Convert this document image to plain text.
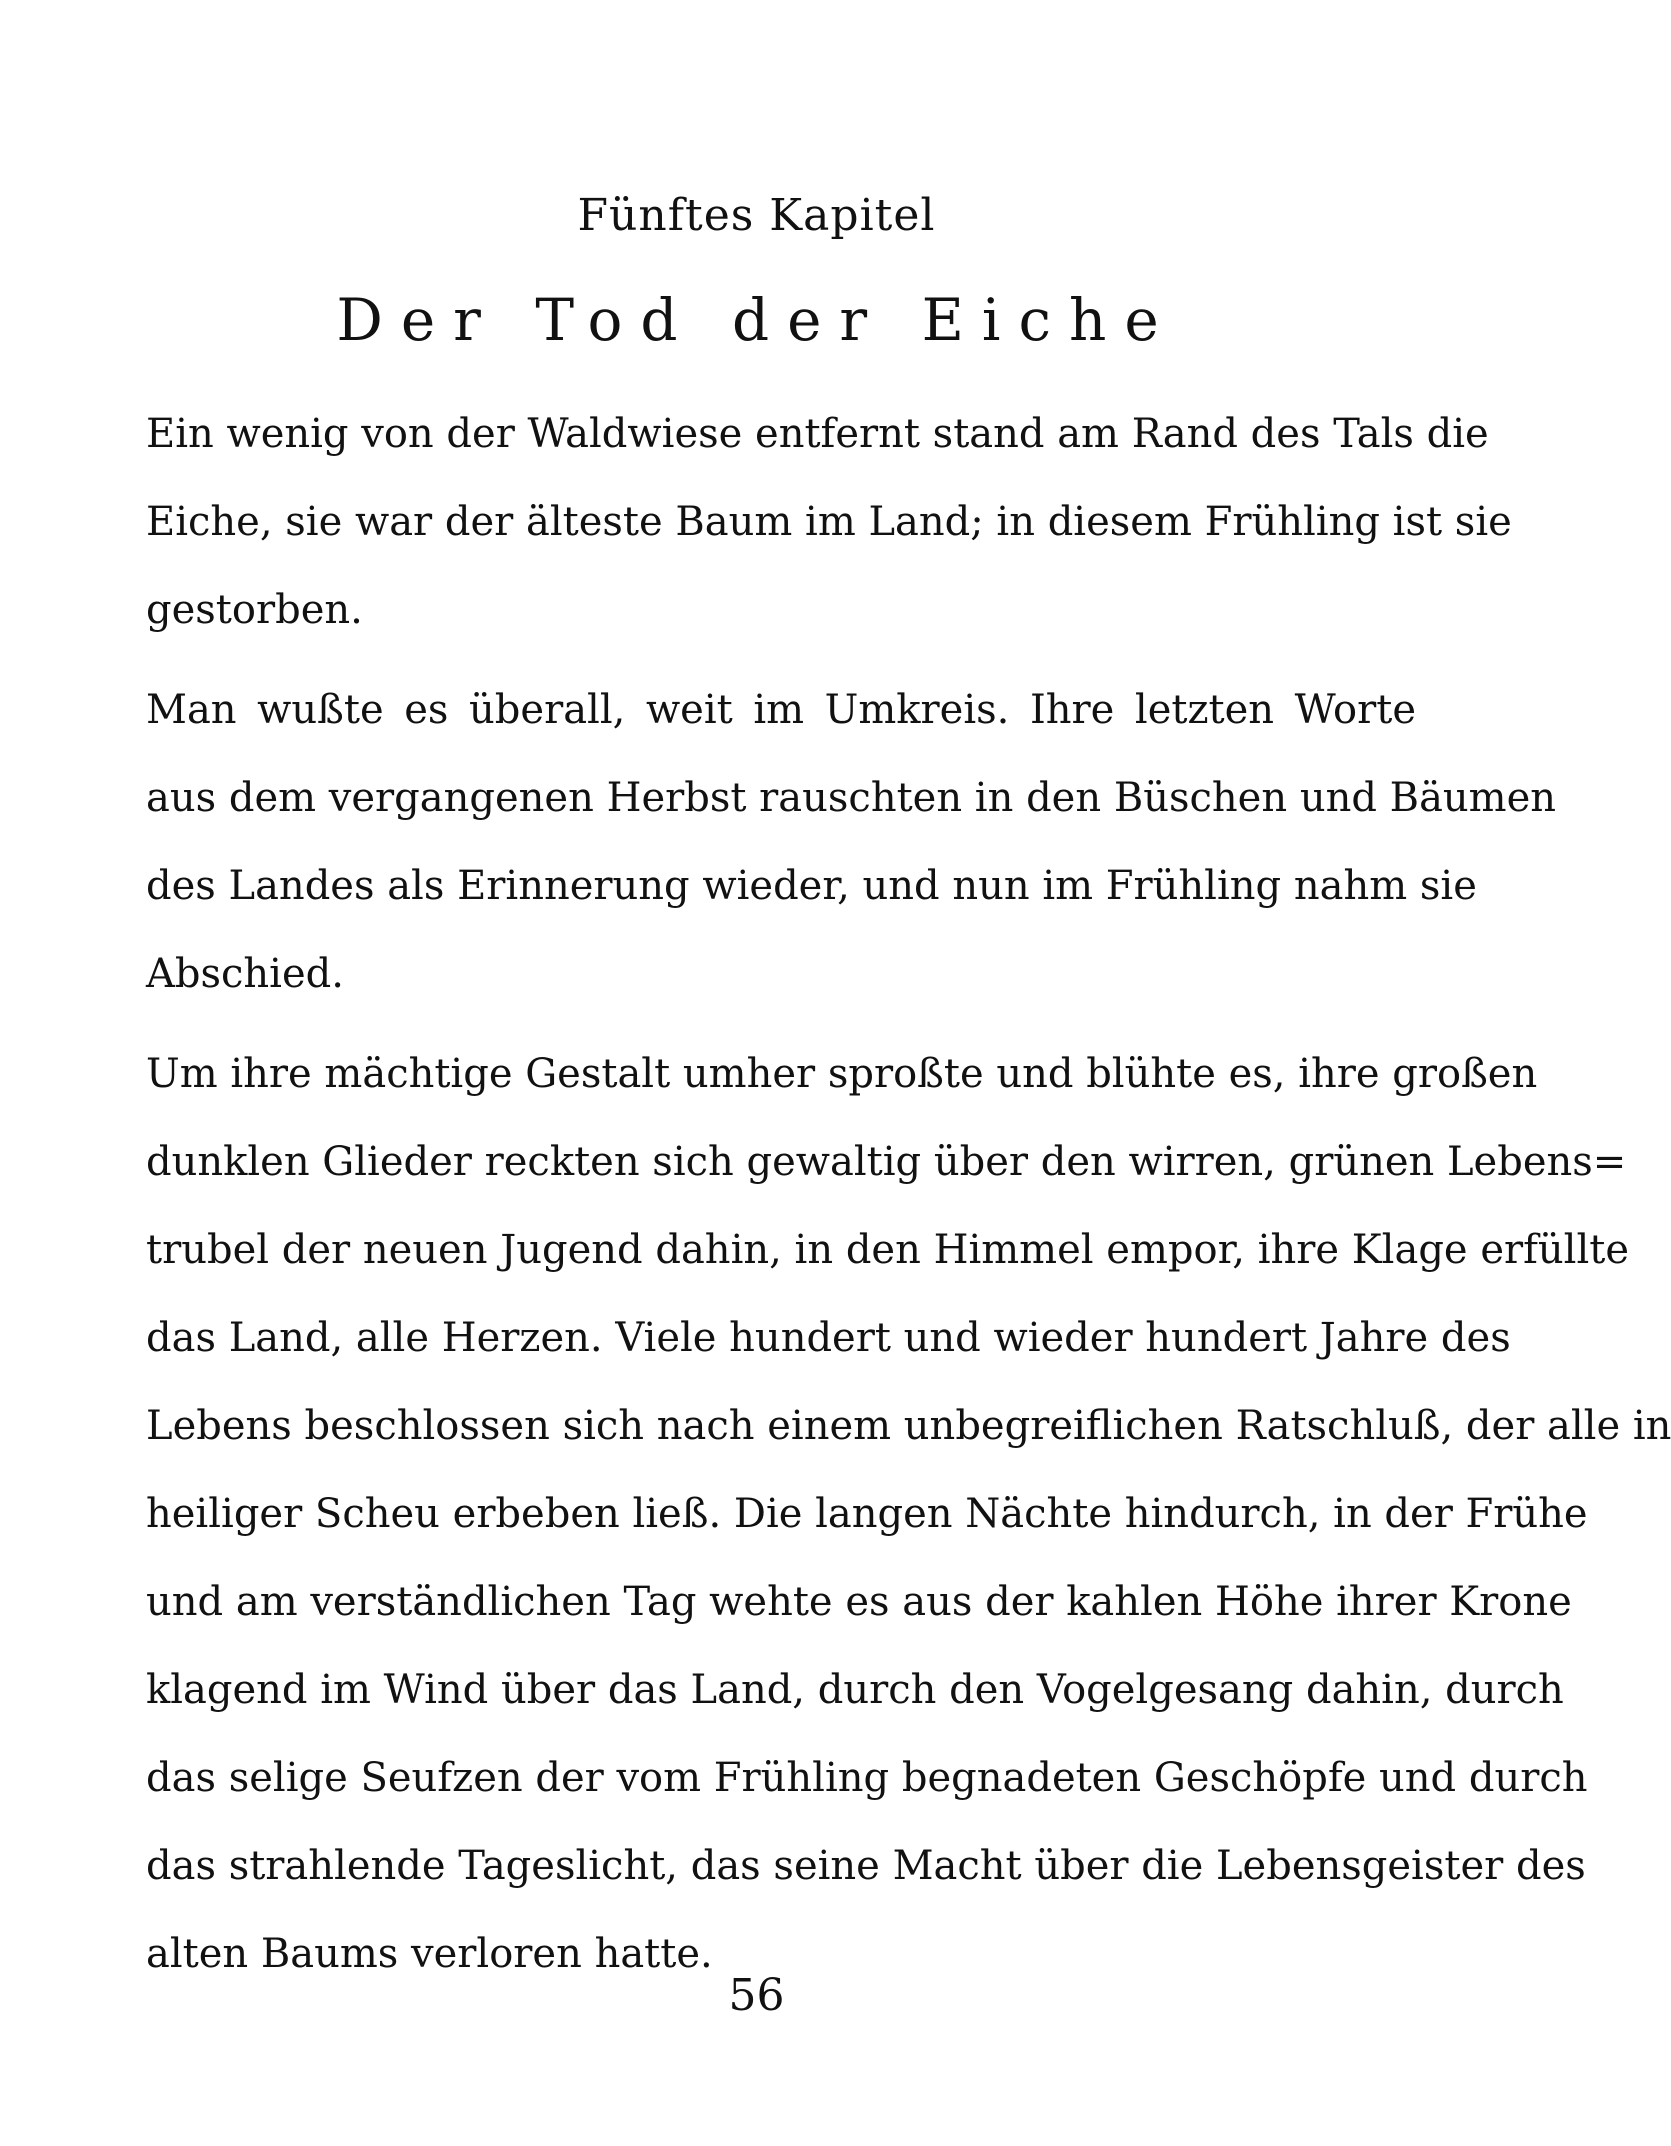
Fünftes Kapitel
Der Tod der Eiche

Ein wenig von der Waldwiese entfernt stand am Rand des Tals die
Eiche, sie war der älteste Baum im Land; in diesem Frühling ist sie
gestorben.

Man wußte es überall, weit im Umkreis. Ihre letzten Worte
aus dem vergangenen Herbst rauschten in den Büschen und Bäumen
des Landes als Erinnerung wieder, und nun im Frühling nahm sie
Abschied.

Um ihre mächtige Gestalt umher sproßte und blühte es, ihre großen
dunklen Glieder reckten sich gewaltig über den wirren, grünen Lebens=
trubel der neuen Jugend dahin, in den Himmel empor, ihre Klage erfüllte
das Land, alle Herzen. Viele hundert und wieder hundert Jahre des
Lebens beschlossen sich nach einem unbegreiflichen Ratschluß, der alle in
heiliger Scheu erbeben ließ. Die langen Nächte hindurch, in der Frühe
und am verständlichen Tag wehte es aus der kahlen Höhe ihrer Krone
klagend im Wind über das Land, durch den Vogelgesang dahin, durch
das selige Seufzen der vom Frühling begnadeten Geschöpfe und durch
das strahlende Tageslicht, das seine Macht über die Lebensgeister des
alten Baums verloren hatte.

56
